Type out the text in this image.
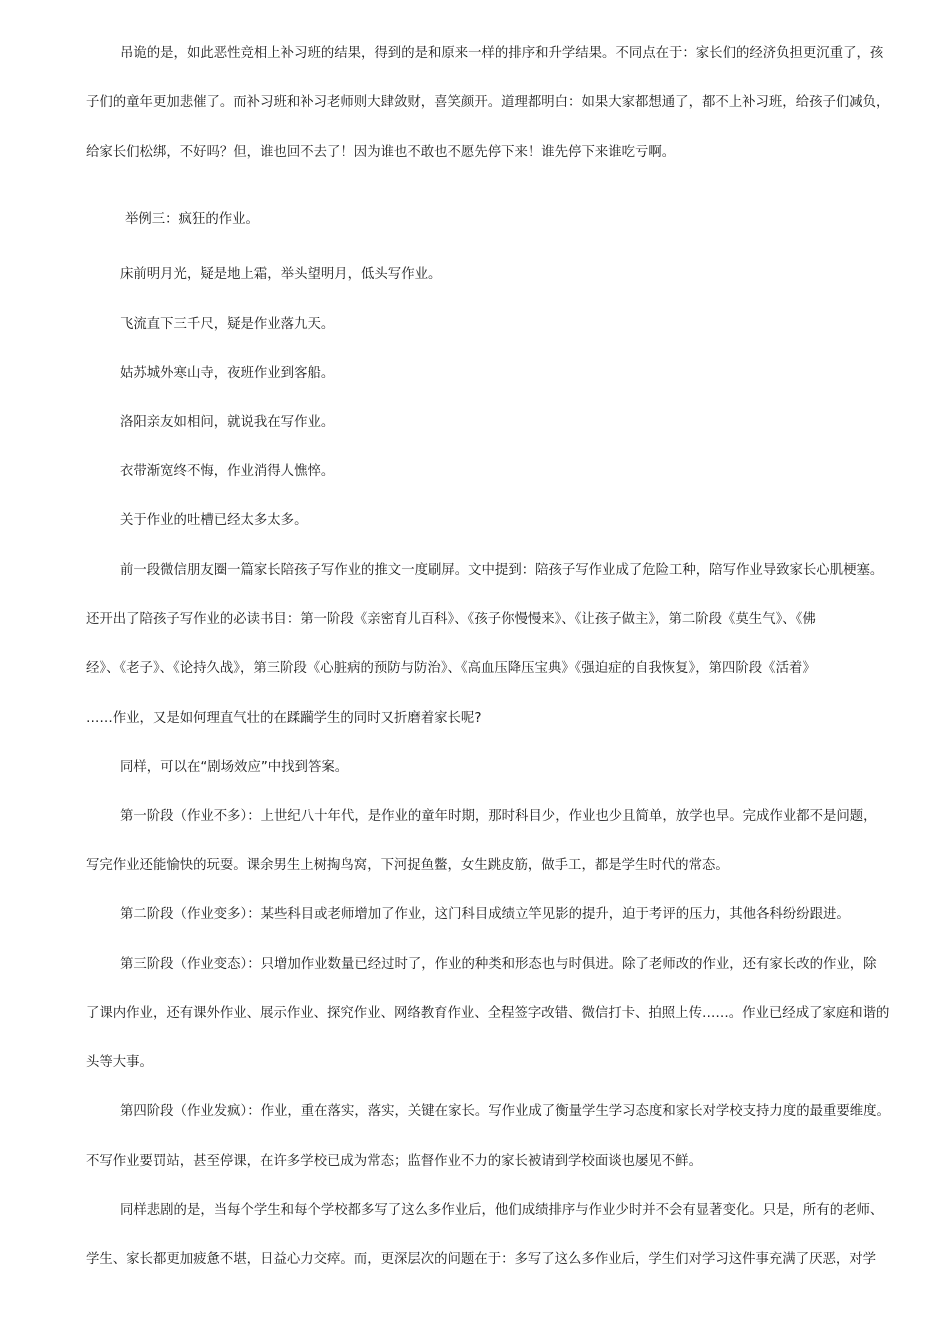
吊诡的是，如此恶性竞相上补习班的结果，得到的是和原来一样的排序和升学结果。不同点在于：家长们的经济负担更沉重了，孩
子们的童年更加悲催了。而补习班和补习老师则大肆敛财，喜笑颜开。道理都明白：如果大家都想通了，都不上补习班，给孩子们减负，
给家长们松绑，不好吗？但，谁也回不去了！因为谁也不敢也不愿先停下来！谁先停下来谁吃亏啊。
举例三：疯狂的作业。
床前明月光，疑是地上霜，举头望明月，低头写作业。
飞流直下三千尺，疑是作业落九天。
姑苏城外寒山寺，夜班作业到客船。
洛阳亲友如相问，就说我在写作业。
衣带渐宽终不悔，作业消得人憔悴。
关于作业的吐槽已经太多太多。
前一段微信朋友圈一篇家长陪孩子写作业的推文一度刷屏。文中提到：陪孩子写作业成了危险工种，陪写作业导致家长心肌梗塞。
还开出了陪孩子写作业的必读书目：第一阶段《亲密育儿百科》、《孩子你慢慢来》、《让孩子做主》，第二阶段《莫生气》、《佛
经》、《老子》、《论持久战》，第三阶段《心脏病的预防与防治》、《高血压降压宝典》《强迫症的自我恢复》，第四阶段《活着》
……作业，又是如何理直气壮的在蹂躏学生的同时又折磨着家长呢?
同样，可以在“剧场效应”中找到答案。
第一阶段（作业不多）：上世纪八十年代，是作业的童年时期，那时科目少，作业也少且简单，放学也早。完成作业都不是问题，
写完作业还能愉快的玩耍。课余男生上树掏鸟窝，下河捉鱼鳖，女生跳皮筋，做手工，都是学生时代的常态。
第二阶段（作业变多）：某些科目或老师增加了作业，这门科目成绩立竿见影的提升，迫于考评的压力，其他各科纷纷跟进。
第三阶段（作业变态）：只增加作业数量已经过时了，作业的种类和形态也与时俱进。除了老师改的作业，还有家长改的作业，除
了课内作业，还有课外作业、展示作业、探究作业、网络教育作业、全程签字改错、微信打卡、拍照上传……。作业已经成了家庭和谐的
头等大事。
第四阶段（作业发疯）：作业，重在落实，落实，关键在家长。写作业成了衡量学生学习态度和家长对学校支持力度的最重要维度。
不写作业要罚站，甚至停课，在许多学校已成为常态；监督作业不力的家长被请到学校面谈也屡见不鲜。
同样悲剧的是，当每个学生和每个学校都多写了这么多作业后，他们成绩排序与作业少时并不会有显著变化。只是，所有的老师、
学生、家长都更加疲惫不堪，日益心力交瘁。而，更深层次的问题在于：多写了这么多作业后，学生们对学习这件事充满了厌恶，对学
